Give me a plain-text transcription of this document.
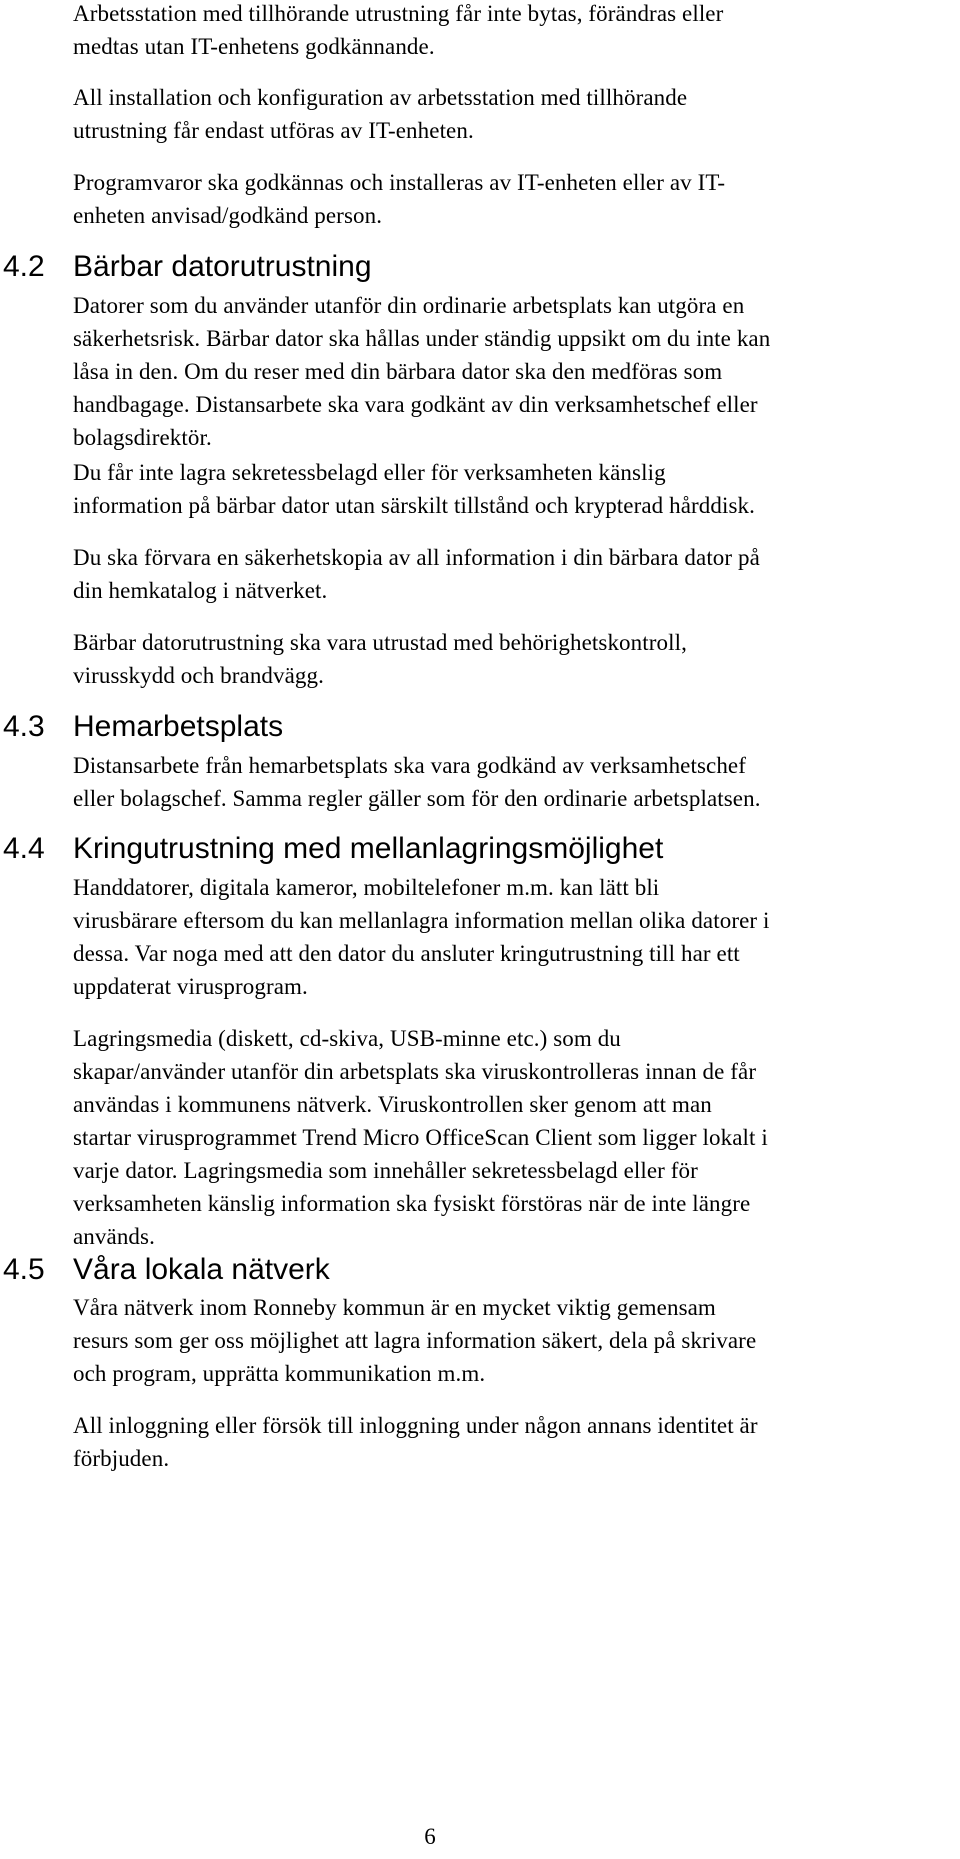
Arbetsstation med tillhörande utrustning får inte bytas, förändras eller
medtas utan IT-enhetens godkännande.

All installation och konfiguration av arbetsstation med tillhörande
utrustning får endast utföras av IT-enheten.

Programvaror ska godkännas och installeras av IT-enheten eller av IT-
enheten anvisad/godkänd person.

4.2 Bärbar datorutrustning

Datorer som du använder utanför din ordinarie arbetsplats kan utgöra en
säkerhetsrisk. Bärbar dator ska hållas under ständig uppsikt om du inte kan
låsa in den. Om du reser med din bärbara dator ska den medföras som
handbagage. Distansarbete ska vara godkänt av din verksamhetschef eller
bolagsdirektör.

Du får inte lagra sekretessbelagd eller för verksamheten känslig
information på bärbar dator utan särskilt tillstånd och krypterad hårddisk.

Du ska förvara en säkerhetskopia av all information i din bärbara dator på
din hemkatalog i nätverket.

Bärbar datorutrustning ska vara utrustad med behörighetskontroll,
virusskydd och brandvägg.

4.3 Hemarbetsplats

Distansarbete från hemarbetsplats ska vara godkänd av verksamhetschef
eller bolagschef. Samma regler gäller som för den ordinarie arbetsplatsen.

4.4 Kringutrustning med mellanlagringsmöjlighet

Handdatorer, digitala kameror, mobiltelefoner m.m. kan lätt bli
virusbärare eftersom du kan mellanlagra information mellan olika datorer i
dessa. Var noga med att den dator du ansluter kringutrustning till har ett
uppdaterat virusprogram.

Lagringsmedia (diskett, cd-skiva, USB-minne etc.) som du
skapar/använder utanför din arbetsplats ska viruskontrolleras innan de får
användas i kommunens nätverk. Viruskontrollen sker genom att man
startar virusprogrammet Trend Micro OfficeScan Client som ligger lokalt i
varje dator. Lagringsmedia som innehåller sekretessbelagd eller för
verksamheten känslig information ska fysiskt förstöras när de inte längre
används.

4.5 Våra lokala nätverk

Våra nätverk inom Ronneby kommun är en mycket viktig gemensam
resurs som ger oss möjlighet att lagra information säkert, dela på skrivare
och program, upprätta kommunikation m.m.

All inloggning eller försök till inloggning under någon annans identitet är
förbjuden.

6
